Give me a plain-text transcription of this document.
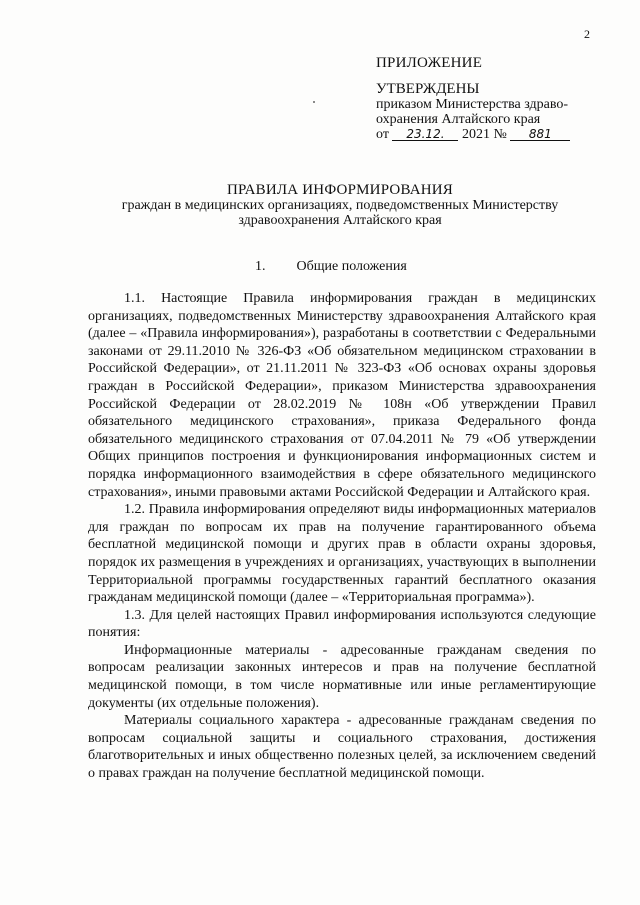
2
ПРИЛОЖЕНИЕ
УТВЕРЖДЕНЫ
приказом Министерства здраво-
охранения Алтайского края
от 23.12. 2021 № 881
ПРАВИЛА ИНФОРМИРОВАНИЯ
граждан в медицинских организациях, подведомственных Министерству
здравоохранения Алтайского края
1. Общие положения

1.1. Настоящие Правила информирования граждан в медицинских организациях, подведомственных Министерству здравоохранения Алтайского края (далее – «Правила информирования»), разработаны в соответствии с Федеральными законами от 29.11.2010 № 326-ФЗ «Об обязательном медицинском страховании в Российской Федерации», от 21.11.2011 № 323-ФЗ «Об основах охраны здоровья граждан в Российской Федерации», приказом Министерства здравоохранения Российской Федерации от 28.02.2019 № 108н «Об утверждении Правил обязательного медицинского страхования», приказа Федерального фонда обязательного медицинского страхования от 07.04.2011 № 79 «Об утверждении Общих принципов построения и функционирования информационных систем и порядка информационного взаимодействия в сфере обязательного медицинского страхования», иными правовыми актами Российской Федерации и Алтайского края.

1.2. Правила информирования определяют виды информационных материалов для граждан по вопросам их прав на получение гарантированного объема бесплатной медицинской помощи и других прав в области охраны здоровья, порядок их размещения в учреждениях и организациях, участвующих в выполнении Территориальной программы государственных гарантий бесплатного оказания гражданам медицинской помощи (далее – «Территориальная программа»).

1.3. Для целей настоящих Правил информирования используются следующие понятия:

Информационные материалы - адресованные гражданам сведения по вопросам реализации законных интересов и прав на получение бесплатной медицинской помощи, в том числе нормативные или иные регламентирующие документы (их отдельные положения).

Материалы социального характера - адресованные гражданам сведения по вопросам социальной защиты и социального страхования, достижения благотворительных и иных общественно полезных целей, за исключением сведений о правах граждан на получение бесплатной медицинской помощи.
